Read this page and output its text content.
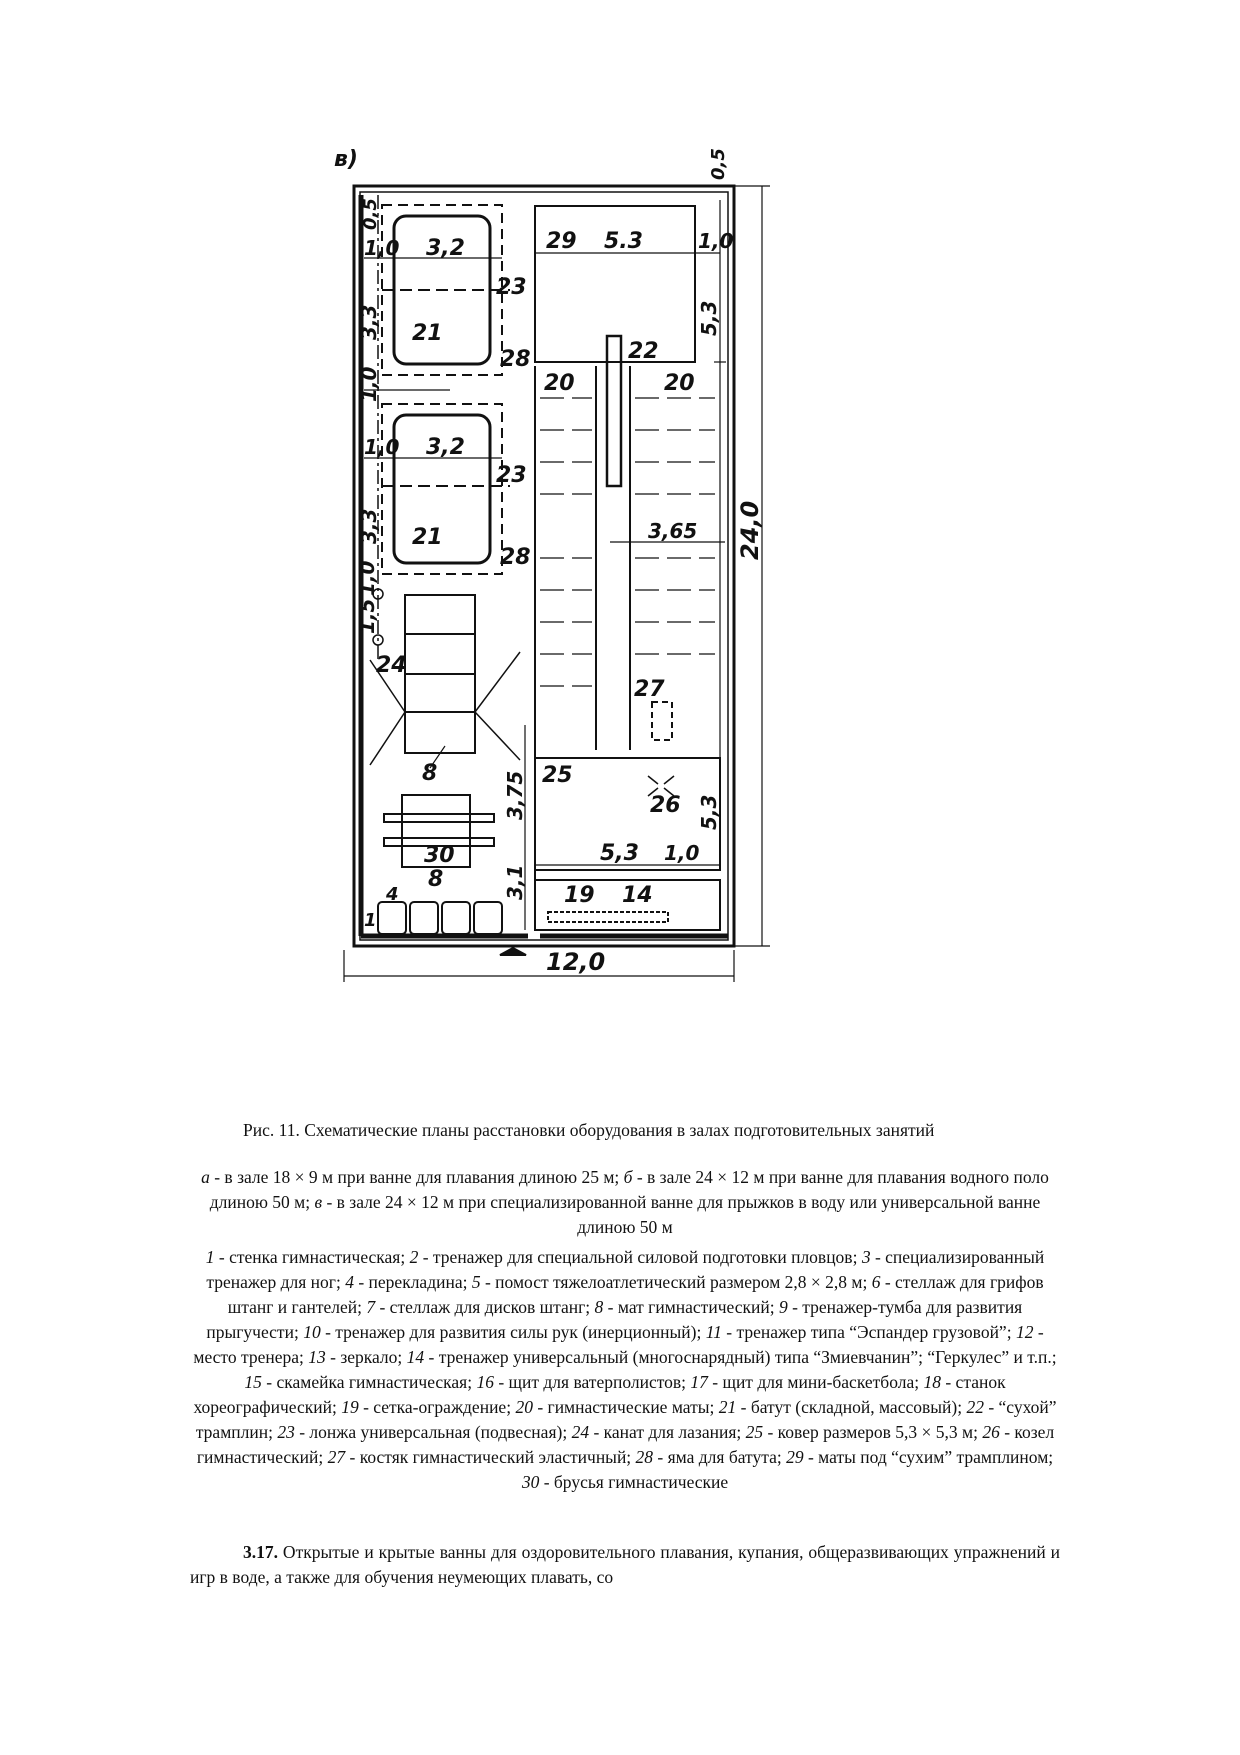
в)	0,5
0,5
1,0 3,2
23
3,3 21
28
1,0
1,0 3,2
23
3,3 21
28
1,0
1,5
24
8
30
8
4
1
29 5.3	1,0
5,3
22
20	20
3,65 24,0
27
25
26
3,75	5,3
5,3 1,0
3,1 19 14
12,0
Рис. 11. Схематические планы расстановки оборудования в залах подготовительных занятий
а - в зале 18 × 9 м при ванне для плавания длиною 25 м; б - в зале 24 × 12 м при ванне для плавания водного поло длиною 50 м; в - в зале 24 × 12 м при специализированной ванне для прыжков в воду или универсальной ванне длиною 50 м
1 - стенка гимнастическая; 2 - тренажер для специальной силовой подготовки пловцов; 3 - специализированный тренажер для ног; 4 - перекладина; 5 - помост тяжелоатлетический размером 2,8 × 2,8 м; 6 - стеллаж для грифов штанг и гантелей; 7 - стеллаж для дисков штанг; 8 - мат гимнастический; 9 - тренажер-тумба для развития прыгучести; 10 - тренажер для развития силы рук (инерционный); 11 - тренажер типа “Эспандер грузовой”; 12 - место тренера; 13 - зеркало; 14 - тренажер универсальный (многоснарядный) типа “Змиевчанин”; “Геркулес” и т.п.; 15 - скамейка гимнастическая; 16 - щит для ватерполистов; 17 - щит для мини-баскетбола; 18 - станок хореографический; 19 - сетка-ограждение; 20 - гимнастические маты; 21 - батут (складной, массовый); 22 - “сухой” трамплин; 23 - лонжа универсальная (подвесная); 24 - канат для лазания; 25 - ковер размеров 5,3 × 5,3 м; 26 - козел гимнастический; 27 - костяк гимнастический эластичный; 28 - яма для батута; 29 - маты под “сухим” трамплином; 30 - брусья гимнастические
3.17. Открытые и крытые ванны для оздоровительного плавания, купания, общеразвивающих упражнений и игр в воде, а также для обучения неумеющих плавать, со
